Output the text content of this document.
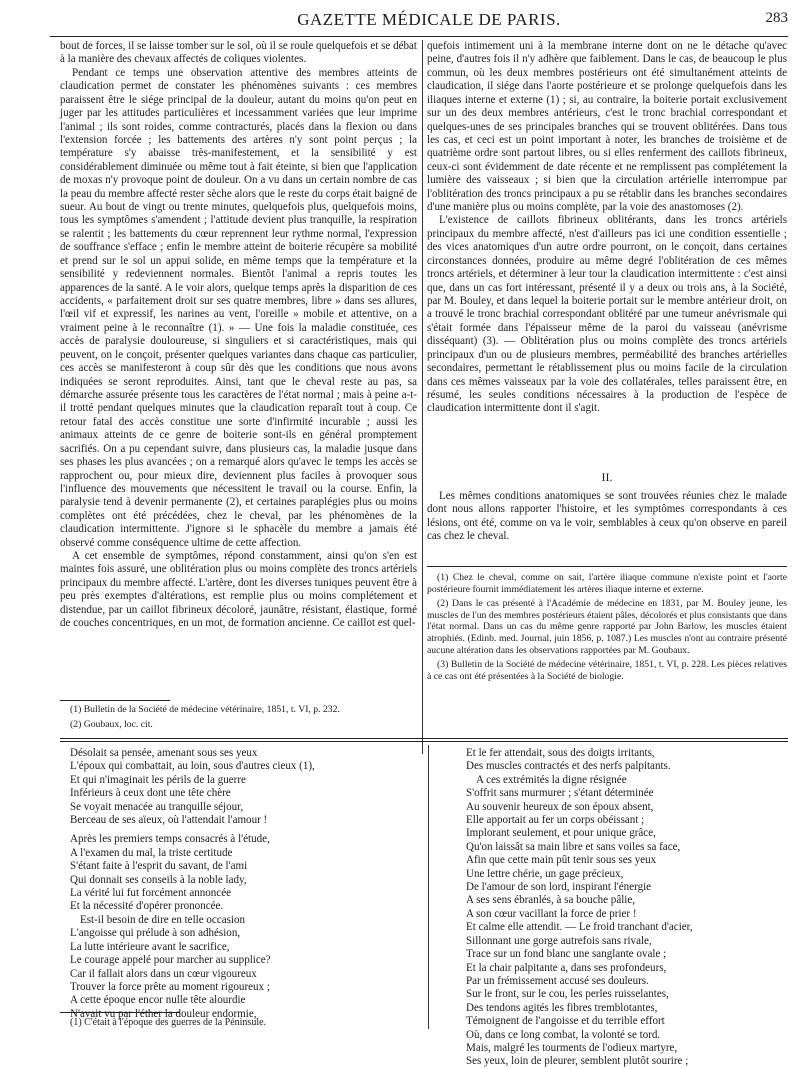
GAZETTE MÉDICALE DE PARIS.	283

bout de forces, il se laisse tomber sur le sol, où il se roule quelquefois et se débat à la manière des chevaux affectés de coliques violentes.

Pendant ce temps une observation attentive des membres atteints de claudication permet de constater les phénomènes suivants : ces membres paraissent être le siége principal de la douleur, autant du moins qu'on peut en juger par les attitudes particulières et incessamment variées que leur imprime l'animal ; ils sont roides, comme contracturés, placés dans la flexion ou dans l'extension forcée ; les battements des artères n'y sont point perçus ; la température s'y abaisse très-manifestement, et la sensibilité y est considérablement diminuée ou même tout à fait éteinte, si bien que l'application de moxas n'y provoque point de douleur. On a vu dans un certain nombre de cas la peau du membre affecté rester sèche alors que le reste du corps était baigné de sueur. Au bout de vingt ou trente minutes, quelquefois plus, quelquefois moins, tous les symptômes s'amendent ; l'attitude devient plus tranquille, la respiration se ralentit ; les battements du cœur reprennent leur rythme normal, l'expression de souffrance s'efface ; enfin le membre atteint de boiterie récupère sa mobilité et prend sur le sol un appui solide, en même temps que la température et la sensibilité y redeviennent normales. Bientôt l'animal a repris toutes les apparences de la santé. A le voir alors, quelque temps après la disparition de ces accidents, « parfaitement droit sur ses quatre membres, libre » dans ses allures, l'œil vif et expressif, les narines au vent, l'oreille » mobile et attentive, on a vraiment peine à le reconnaître (1). » — Une fois la maladie constituée, ces accès de paralysie douloureuse, si singuliers et si caractéristiques, mais qui peuvent, on le conçoit, présenter quelques variantes dans chaque cas particulier, ces accès se manifesteront à coup sûr dès que les conditions que nous avons indiquées se seront reproduites. Ainsi, tant que le cheval reste au pas, sa démarche assurée présente tous les caractères de l'état normal ; mais à peine a-t-il trotté pendant quelques minutes que la claudication reparaît tout à coup. Ce retour fatal des accès constitue une sorte d'infirmité incurable ; aussi les animaux atteints de ce genre de boiterie sont-ils en général promptement sacrifiés. On a pu cependant suivre, dans plusieurs cas, la maladie jusque dans ses phases les plus avancées ; on a remarqué alors qu'avec le temps les accès se rapprochent ou, pour mieux dire, deviennent plus faciles à provoquer sous l'influence des mouvements que nécessitent le travail ou la course. Enfin, la paralysie tend à devenir permanente (2), et certaines paraplégies plus ou moins complètes ont été précédées, chez le cheval, par les phénomènes de la claudication intermittente. J'ignore si le sphacèle du membre a jamais été observé comme conséquence ultime de cette affection.

A cet ensemble de symptômes, répond constamment, ainsi qu'on s'en est maintes fois assuré, une oblitération plus ou moins complète des troncs artériels principaux du membre affecté. L'artère, dont les diverses tuniques peuvent être à peu près exemptes d'altérations, est remplie plus ou moins complétement et distendue, par un caillot fibrineux décoloré, jaunâtre, résistant, élastique, formé de couches concentriques, en un mot, de formation ancienne. Ce caillot est quel-

quefois intimement uni à la membrane interne dont on ne le détache qu'avec peine, d'autres fois il n'y adhère que faiblement. Dans le cas, de beaucoup le plus commun, où les deux membres postérieurs ont été simultanément atteints de claudication, il siége dans l'aorte postérieure et se prolonge quelquefois dans les iliaques interne et externe (1) ; si, au contraire, la boiterie portait exclusivement sur un des deux membres antérieurs, c'est le tronc brachial correspondant et quelques-unes de ses principales branches qui se trouvent oblitérées. Dans tous les cas, et ceci est un point important à noter, les branches de troisième et de quatrième ordre sont partout libres, ou si elles renferment des caillots fibrineux, ceux-ci sont évidemment de date récente et ne remplissent pas complétement la lumière des vaisseaux ; si bien que la circulation artérielle interrompue par l'oblitération des troncs principaux a pu se rétablir dans les branches secondaires d'une manière plus ou moins complète, par la voie des anastomoses (2).

L'existence de caillots fibrineux oblitérants, dans les troncs artériels principaux du membre affecté, n'est d'ailleurs pas ici une condition essentielle ; des vices anatomiques d'un autre ordre pourront, on le conçoit, dans certaines circonstances données, produire au même degré l'oblitération de ces mêmes troncs artériels, et déterminer à leur tour la claudication intermittente : c'est ainsi que, dans un cas fort intéressant, présenté il y a deux ou trois ans, à la Société, par M. Bouley, et dans lequel la boiterie portait sur le membre antérieur droit, on a trouvé le tronc brachial correspondant oblitéré par une tumeur anévrismale qui s'était formée dans l'épaisseur même de la paroi du vaisseau (anévrisme disséquant) (3). — Oblitération plus ou moins complète des troncs artériels principaux d'un ou de plusieurs membres, perméabilité des branches artérielles secondaires, permettant le rétablissement plus ou moins facile de la circulation dans ces mêmes vaisseaux par la voie des collatérales, telles paraissent être, en résumé, les seules conditions nécessaires à la production de l'espèce de claudication intermittente dont il s'agit.

II.

Les mêmes conditions anatomiques se sont trouvées réunies chez le malade dont nous allons rapporter l'histoire, et les symptômes correspondants à ces lésions, ont été, comme on va le voir, semblables à ceux qu'on observe en pareil cas chez le cheval.

(1) Bulletin de la Société de médecine vétérinaire, 1851, t. VI, p. 232.

(2) Goubaux, loc. cit.

(1) Chez le cheval, comme on sait, l'artère iliaque commune n'existe point et l'aorte postérieure fournit immédiatement les artères iliaque interne et externe.

(2) Dans le cas présenté à l'Académie de médecine en 1831, par M. Bouley jeune, les muscles de l'un des membres postérieurs étaient pâles, décolorés et plus consistants que dans l'état normal. Dans un cas du même genre rapporté par John Barlow, les muscles étaient atrophiés. (Edinb. med. Journal, juin 1856, p. 1087.) Les muscles n'ont au contraire présenté aucune altération dans les observations rapportées par M. Goubaux.

(3) Bulletin de la Société de médecine vétérinaire, 1851, t. VI, p. 228. Les pièces relatives à ce cas ont été présentées à la Société de biologie.

Désolait sa pensée, amenant sous ses yeux
L'époux qui combattait, au loin, sous d'autres cieux (1),
Et qui n'imaginait les périls de la guerre
Inférieurs à ceux dont une tête chère
Se voyait menacée au tranquille séjour,
Berceau de ses aïeux, où l'attendait l'amour !
Après les premiers temps consacrés à l'étude,
A l'examen du mal, la triste certitude
S'étant faite à l'esprit du savant, de l'ami
Qui donnait ses conseils à la noble lady,
La vérité lui fut forcément annoncée
Et la nécessité d'opérer prononcée.
Est-il besoin de dire en telle occasion
L'angoisse qui prélude à son adhésion,
La lutte intérieure avant le sacrifice,
Le courage appelé pour marcher au supplice?
Car il fallait alors dans un cœur vigoureux
Trouver la force prête au moment rigoureux ;
A cette époque encor nulle tête alourdie
N'avait vu par l'éther la douleur endormie,
(1) C'était à l'époque des guerres de la Péninsule.
Et le fer attendait, sous des doigts irritants,
Des muscles contractés et des nerfs palpitants.
A ces extrémités la digne résignée
S'offrit sans murmurer ; s'étant déterminée
Au souvenir heureux de son époux absent,
Elle apportait au fer un corps obéissant ;
Implorant seulement, et pour unique grâce,
Qu'on laissât sa main libre et sans voiles sa face,
Afin que cette main pût tenir sous ses yeux
Une lettre chérie, un gage précieux,
De l'amour de son lord, inspirant l'énergie
A ses sens ébranlés, à sa bouche pâlie,
A son cœur vacillant la force de prier !
Et calme elle attendit. — Le froid tranchant d'acier,
Sillonnant une gorge autrefois sans rivale,
Trace sur un fond blanc une sanglante ovale ;
Et la chair palpitante a, dans ses profondeurs,
Par un frémissement accusé ses douleurs.
Sur le front, sur le cou, les perles ruisselantes,
Des tendons agités les fibres tremblotantes,
Témoignent de l'angoisse et du terrible effort
Où, dans ce long combat, la volonté se tord.
Mais, malgré les tourments de l'odieux martyre,
Ses yeux, loin de pleurer, semblent plutôt sourire ;
